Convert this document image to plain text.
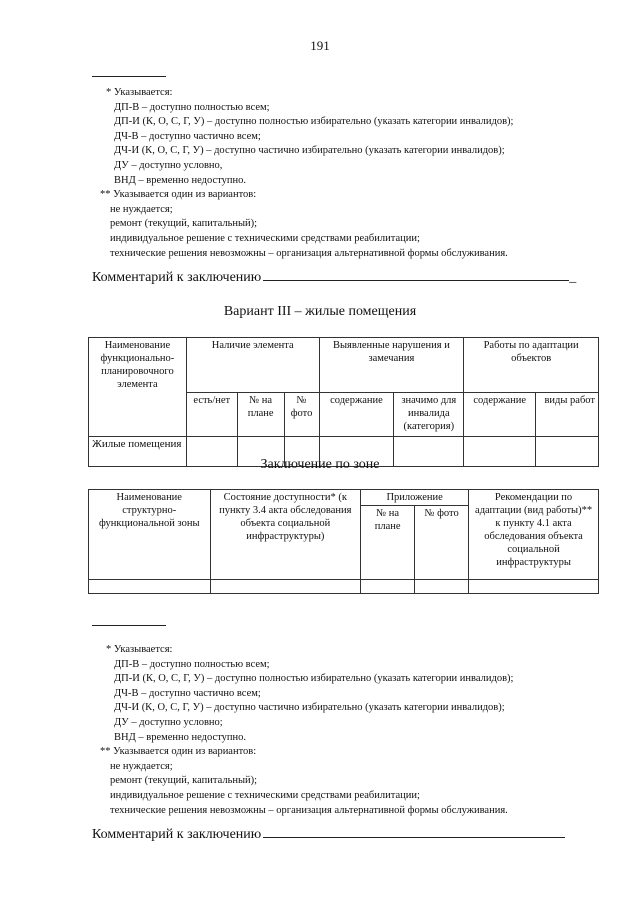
191
* Указывается:
ДП-В – доступно полностью всем;
ДП-И (К, О, С, Г, У) – доступно полностью избирательно (указать категории инвалидов);
ДЧ-В – доступно частично всем;
ДЧ-И (К, О, С, Г, У) – доступно частично избирательно (указать категории инвалидов);
ДУ – доступно условно,
ВНД – временно недоступно.
** Указывается один из вариантов:
не нуждается;
ремонт (текущий, капитальный);
индивидуальное решение с техническими средствами реабилитации;
технические решения невозможны – организация альтернативной формы обслуживания.
Комментарий к заключению	_
Вариант III – жилые помещения
Наименование функционально-планировочного элемента	Наличие элемента			Выявленные нарушения и замечания		Работы по адаптации объектов	
	есть/нет	№ на плане	№ фото	содержание	значимо для инвалида (категория)	содержание	виды работ
Жилые помещения							
Заключение по зоне
Наименование структурно-функциональной зоны	Состояние доступности* (к пункту 3.4 акта обследования объекта социальной инфраструктуры)	Приложение		Рекомендации по адаптации (вид работы)** к пункту 4.1 акта обследования объекта социальной инфраструктуры
		№ на плане	№ фото	

* Указывается:
ДП-В – доступно полностью всем;
ДП-И (К, О, С, Г, У) – доступно полностью избирательно (указать категории инвалидов);
ДЧ-В – доступно частично всем;
ДЧ-И (К, О, С, Г, У) – доступно частично избирательно (указать категории инвалидов);
ДУ – доступно условно;
ВНД – временно недоступно.
** Указывается один из вариантов:
не нуждается;
ремонт (текущий, капитальный);
индивидуальное решение с техническими средствами реабилитации;
технические решения невозможны – организация альтернативной формы обслуживания.
Комментарий к заключению
